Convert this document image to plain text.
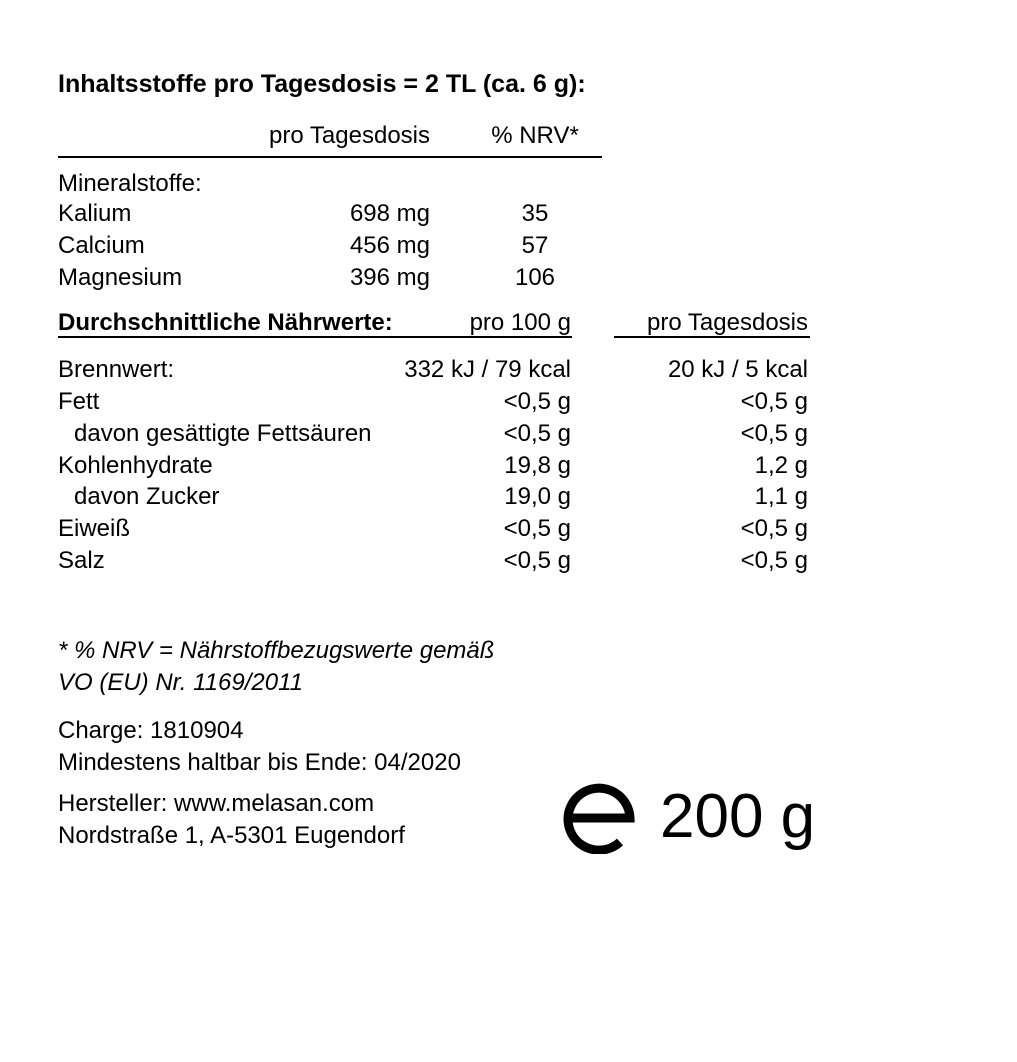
Inhaltsstoffe pro Tagesdosis = 2 TL (ca. 6 g):
pro Tagesdosis	% NRV*
Mineralstoffe:
Kalium	698 mg	35
Calcium	456 mg	57
Magnesium	396 mg	106
Durchschnittliche Nährwerte:	pro 100 g	pro Tagesdosis
Brennwert:	332 kJ / 79 kcal	20 kJ / 5 kcal
Fett	<0,5 g	<0,5 g
davon gesättigte Fettsäuren	<0,5 g	<0,5 g
Kohlenhydrate	19,8 g	1,2 g
davon Zucker	19,0 g	1,1 g
Eiweiß	<0,5 g	<0,5 g
Salz	<0,5 g	<0,5 g
* % NRV = Nährstoffbezugswerte gemäß
VO (EU) Nr. 1169/2011
Charge: 1810904
Mindestens haltbar bis Ende: 04/2020
Hersteller: www.melasan.com
Nordstraße 1, A-5301 Eugendorf	200 g
